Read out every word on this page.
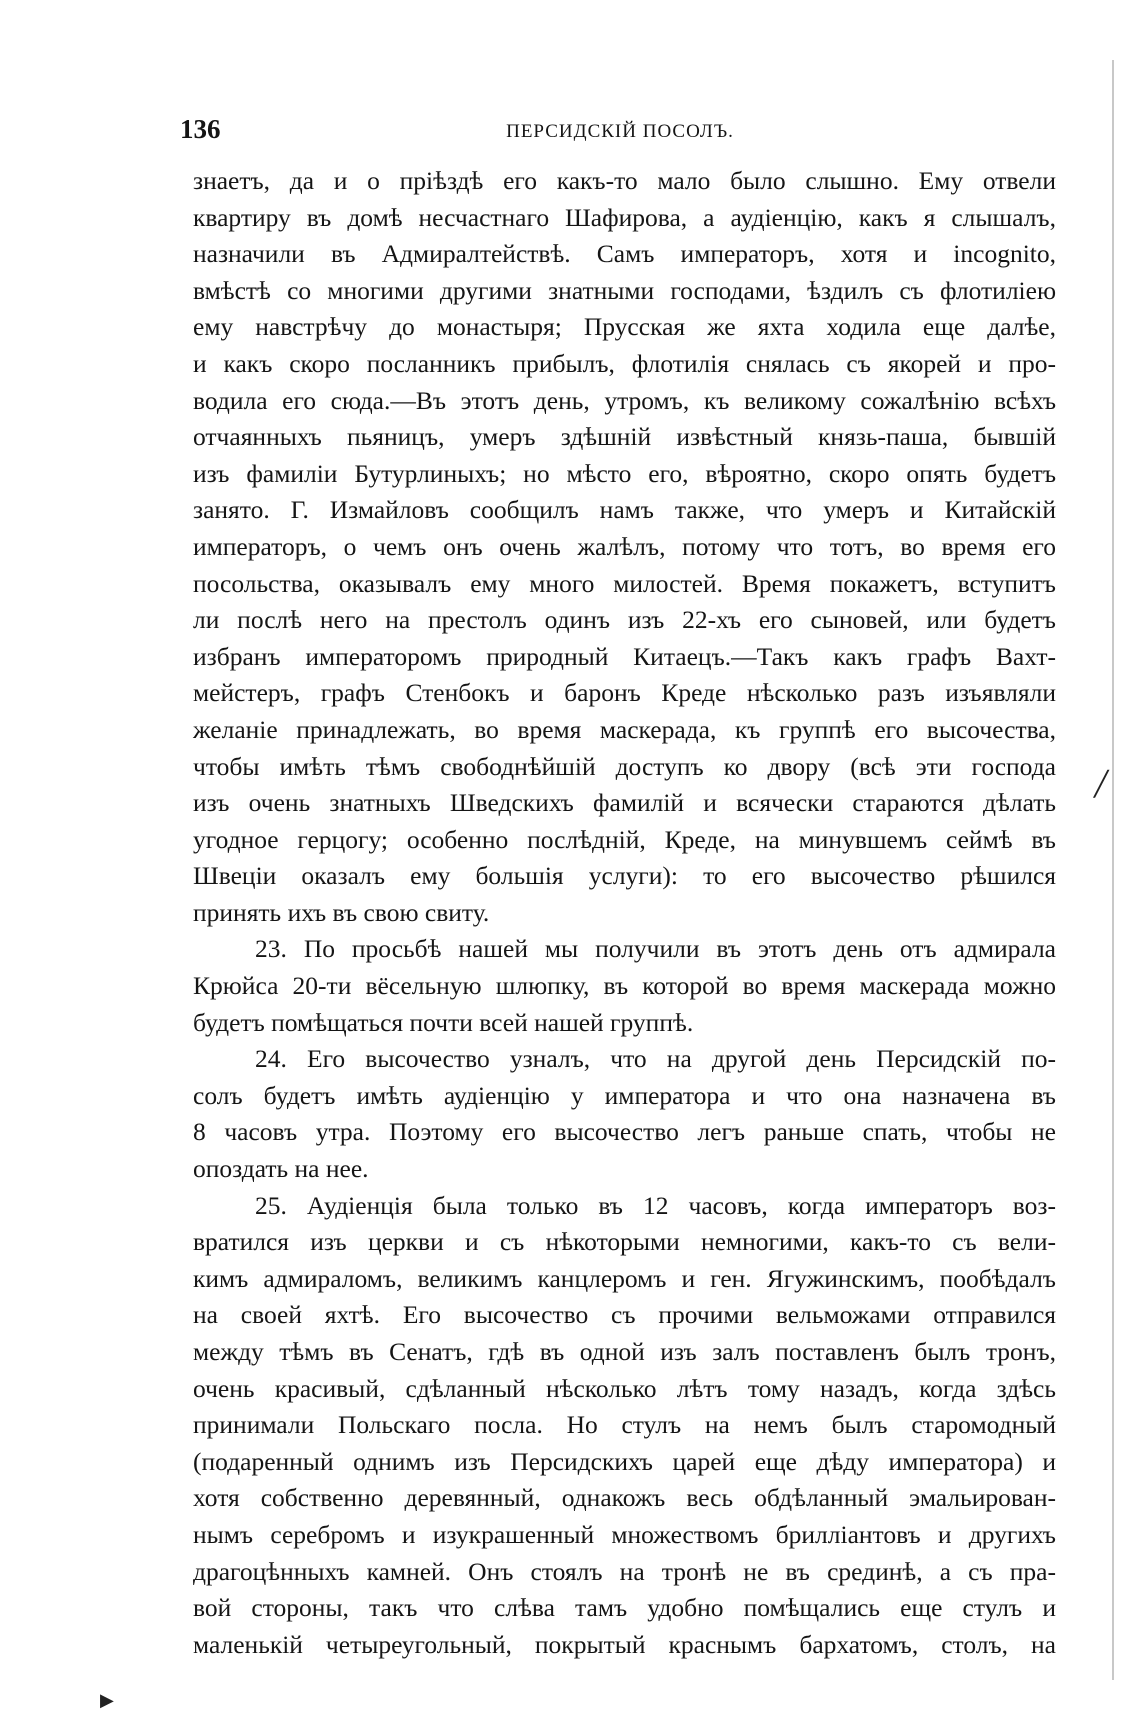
136	ПЕРСИДСКІЙ ПОСОЛЪ.
знаетъ, да и о пріѣздѣ его какъ-то мало было слышно. Ему отвели
квартиру въ домѣ несчастнаго Шафирова, а аудіенцію, какъ я слышалъ,
назначили въ Адмиралтействѣ. Самъ императоръ, хотя и incognito,
вмѣстѣ со многими другими знатными господами, ѣздилъ съ флотиліею
ему навстрѣчу до монастыря; Прусская же яхта ходила еще далѣе,
и какъ скоро посланникъ прибылъ, флотилія снялась съ якорей и про-
водила его сюда.—Въ этотъ день, утромъ, къ великому сожалѣнію всѣхъ
отчаянныхъ пьяницъ, умеръ здѣшній извѣстный князь-паша, бывшій
изъ фамиліи Бутурлиныхъ; но мѣсто его, вѣроятно, скоро опять будетъ
занято. Г. Измайловъ сообщилъ намъ также, что умеръ и Китайскій
императоръ, о чемъ онъ очень жалѣлъ, потому что тотъ, во время его
посольства, оказывалъ ему много милостей. Время покажетъ, вступитъ
ли послѣ него на престолъ одинъ изъ 22-хъ его сыновей, или будетъ
избранъ императоромъ природный Китаецъ.—Такъ какъ графъ Вахт-
мейстеръ, графъ Стенбокъ и баронъ Креде нѣсколько разъ изъявляли
желаніе принадлежать, во время маскерада, къ группѣ его высочества,
чтобы имѣть тѣмъ свободнѣйшій доступъ ко двору (всѣ эти господа
изъ очень знатныхъ Шведскихъ фамилій и всячески стараются дѣлать
угодное герцогу; особенно послѣдній, Креде, на минувшемъ сеймѣ въ
Швеціи оказалъ ему большія услуги): то его высочество рѣшился
принять ихъ въ свою свиту.
23. По просьбѣ нашей мы получили въ этотъ день отъ адмирала
Крюйса 20-ти вёсельную шлюпку, въ которой во время маскерада можно
будетъ помѣщаться почти всей нашей группѣ.
24. Его высочество узналъ, что на другой день Персидскій по-
солъ будетъ имѣть аудіенцію у императора и что она назначена въ
8 часовъ утра. Поэтому его высочество легъ раньше спать, чтобы не
опоздать на нее.
25. Аудіенція была только въ 12 часовъ, когда императоръ воз-
вратился изъ церкви и съ нѣкоторыми немногими, какъ-то съ вели-
кимъ адмираломъ, великимъ канцлеромъ и ген. Ягужинскимъ, пообѣдалъ
на своей яхтѣ. Его высочество съ прочими вельможами отправился
между тѣмъ въ Сенатъ, гдѣ въ одной изъ залъ поставленъ былъ тронъ,
очень красивый, сдѣланный нѣсколько лѣтъ тому назадъ, когда здѣсь
принимали Польскаго посла. Но стулъ на немъ былъ старомодный
(подаренный однимъ изъ Персидскихъ царей еще дѣду императора) и
хотя собственно деревянный, однакожъ весь обдѣланный эмальирован-
нымъ серебромъ и изукрашенный множествомъ брилліантовъ и другихъ
драгоцѣнныхъ камней. Онъ стоялъ на тронѣ не въ срединѣ, а съ пра-
вой стороны, такъ что слѣва тамъ удобно помѣщались еще стулъ и
маленькій четыреугольный, покрытый краснымъ бархатомъ, столъ, на
╱
▶
